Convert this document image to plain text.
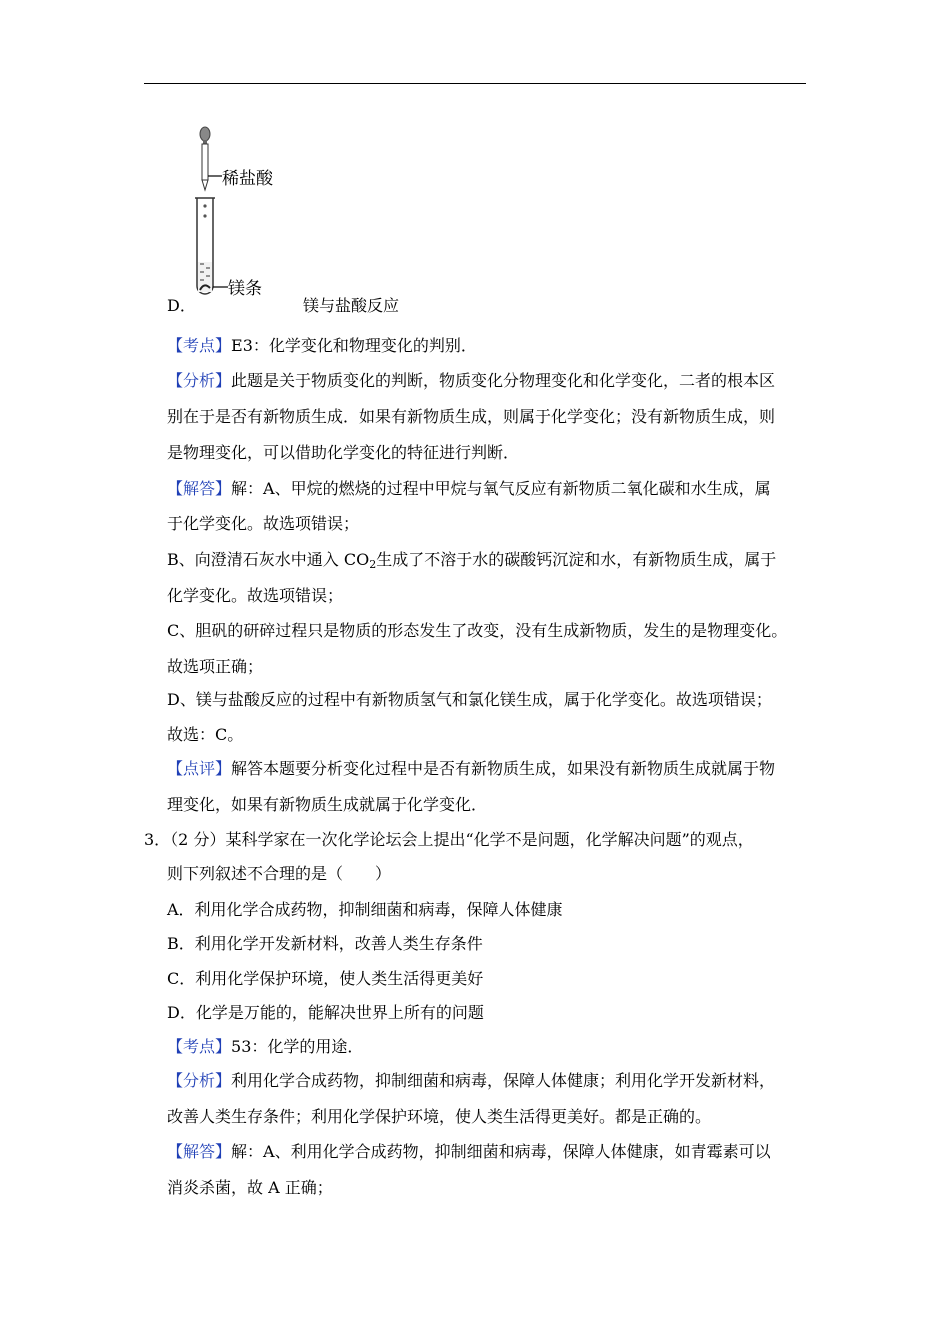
稀盐酸
镁条
D．	镁与盐酸反应
【考点】E3：化学变化和物理变化的判别．
【分析】此题是关于物质变化的判断，物质变化分物理变化和化学变化，二者的根本区
别在于是否有新物质生成．如果有新物质生成，则属于化学变化；没有新物质生成，则
是物理变化，可以借助化学变化的特征进行判断．
【解答】解：A、甲烷的燃烧的过程中甲烷与氧气反应有新物质二氧化碳和水生成，属
于化学变化。故选项错误；
B、向澄清石灰水中通入 $CO_2$生成了不溶于水的碳酸钙沉淀和水，有新物质生成，属于
化学变化。故选项错误；
C、胆矾的研碎过程只是物质的形态发生了改变，没有生成新物质，发生的是物理变化。
故选项正确；
D、镁与盐酸反应的过程中有新物质氢气和氯化镁生成，属于化学变化。故选项错误；
故选：C。
【点评】解答本题要分析变化过程中是否有新物质生成，如果没有新物质生成就属于物
理变化，如果有新物质生成就属于化学变化．
3．（2 分）某科学家在一次化学论坛会上提出“化学不是问题，化学解决问题”的观点，
则下列叙述不合理的是（　　）
A．利用化学合成药物，抑制细菌和病毒，保障人体健康
B．利用化学开发新材料，改善人类生存条件
C．利用化学保护环境，使人类生活得更美好
D．化学是万能的，能解决世界上所有的问题
【考点】53：化学的用途．
【分析】利用化学合成药物，抑制细菌和病毒，保障人体健康；利用化学开发新材料，
改善人类生存条件；利用化学保护环境，使人类生活得更美好。都是正确的。
【解答】解：A、利用化学合成药物，抑制细菌和病毒，保障人体健康，如青霉素可以
消炎杀菌，故 A 正确；
